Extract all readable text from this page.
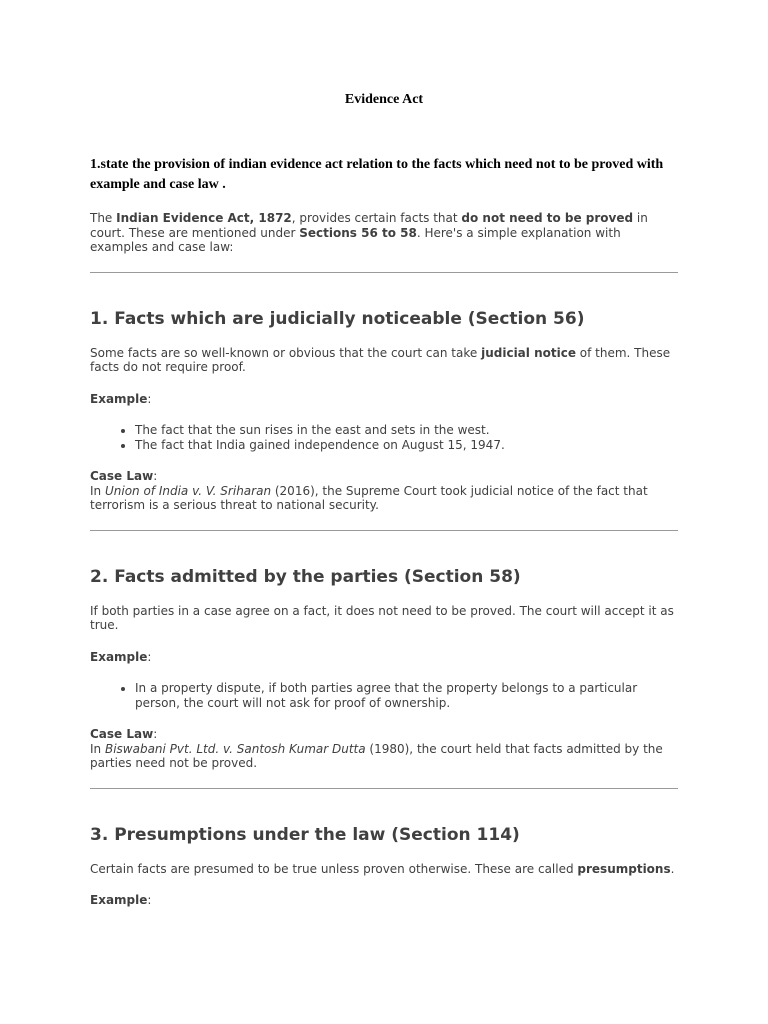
Evidence Act

1.state the provision of indian evidence act relation to the facts which need not to be proved with example and case law .

The Indian Evidence Act, 1872, provides certain facts that do not need to be proved in court. These are mentioned under Sections 56 to 58. Here's a simple explanation with examples and case law:

1. Facts which are judicially noticeable (Section 56)

Some facts are so well-known or obvious that the court can take judicial notice of them. These facts do not require proof.

Example:

• The fact that the sun rises in the east and sets in the west.
• The fact that India gained independence on August 15, 1947.

Case Law:
In Union of India v. V. Sriharan (2016), the Supreme Court took judicial notice of the fact that terrorism is a serious threat to national security.

2. Facts admitted by the parties (Section 58)

If both parties in a case agree on a fact, it does not need to be proved. The court will accept it as true.

Example:

• In a property dispute, if both parties agree that the property belongs to a particular person, the court will not ask for proof of ownership.

Case Law:
In Biswabani Pvt. Ltd. v. Santosh Kumar Dutta (1980), the court held that facts admitted by the parties need not be proved.

3. Presumptions under the law (Section 114)

Certain facts are presumed to be true unless proven otherwise. These are called presumptions.

Example:
